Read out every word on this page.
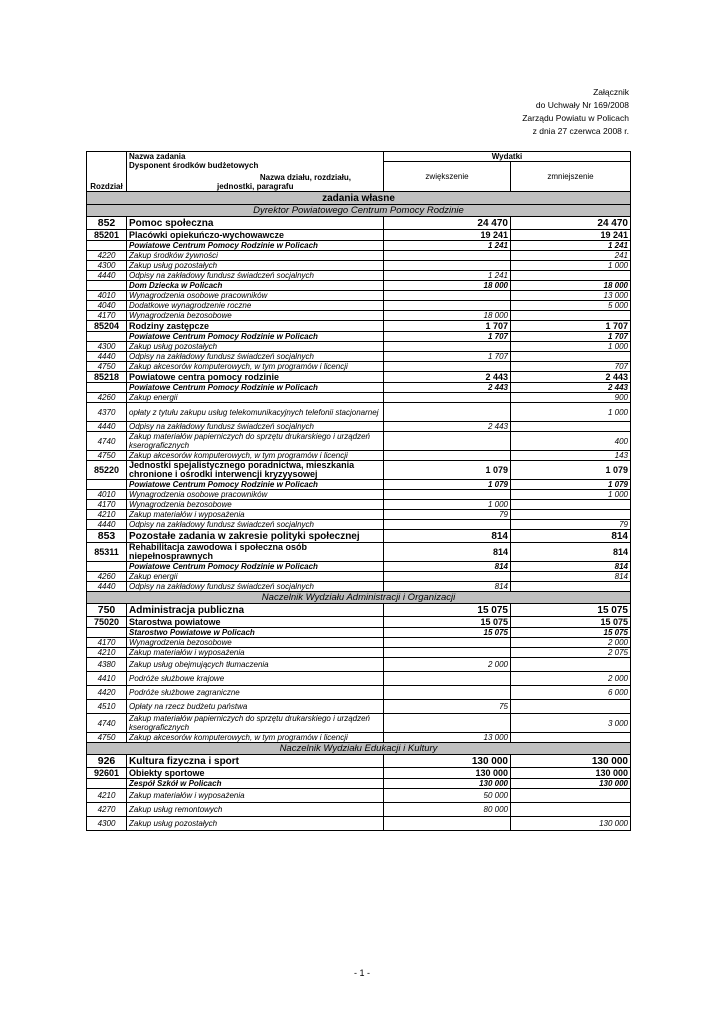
Załącznik
do Uchwały Nr 169/2008
Zarządu Powiatu w Policach
z dnia 27 czerwca 2008 r.
Rozdział	Nazwa zadania
Dysponent środków budżetowych
Nazwa działu, rozdziału,
jednostki, paragrafu	Wydatki	
		zwiększenie	zmniejszenie

zadania własne			
Dyrektor Powiatowego Centrum Pomocy Rodzinie			
852	Pomoc społeczna	24 470	24 470
85201	Placówki opiekuńczo-wychowawcze	19 241	19 241
	Powiatowe Centrum Pomocy Rodzinie w Policach	1 241	1 241
4220	Zakup środków żywności		241
4300	Zakup usług pozostałych		1 000
4440	Odpisy na zakładowy fundusz świadczeń socjalnych	1 241	
	Dom Dziecka w Policach	18 000	18 000
4010	Wynagrodzenia osobowe pracowników		13 000
4040	Dodatkowe wynagrodzenie roczne		5 000
4170	Wynagrodzenia bezosobowe	18 000	
85204	Rodziny zastępcze	1 707	1 707
	Powiatowe Centrum Pomocy Rodzinie w Policach	1 707	1 707
4300	Zakup usług pozostałych		1 000
4440	Odpisy na zakładowy fundusz świadczeń socjalnych	1 707	
4750	Zakup akcesorów komputerowych, w tym programów i licencji		707
85218	Powiatowe centra pomocy rodzinie	2 443	2 443
	Powiatowe Centrum Pomocy Rodzinie w Policach	2 443	2 443
4260	Zakup energii		900
4370	opłaty z tytułu zakupu usług telekomunikacyjnych telefonii stacjonarnej		1 000
4440	Odpisy na zakładowy fundusz świadczeń socjalnych	2 443	
4740	Zakup materiałów papierniczych do sprzętu drukarskiego i urządzeń kserograficznych		400
4750	Zakup akcesorów komputerowych, w tym programów i licencji		143
85220	Jednostki spejalistycznego poradnictwa, mieszkania chronione i ośrodki interwencji kryzyysowej	1 079	1 079
	Powiatowe Centrum Pomocy Rodzinie w Policach	1 079	1 079
4010	Wynagrodzenia osobowe pracowników		1 000
4170	Wynagrodzenia bezosobowe	1 000	
4210	Zakup materiałów i wyposażenia	79	
4440	Odpisy na zakładowy fundusz świadczeń socjalnych		79
853	Pozostałe zadania w zakresie polityki społecznej	814	814
85311	Rehabilitacja zawodowa i społeczna osób niepełnosprawnych	814	814
	Powiatowe Centrum Pomocy Rodzinie w Policach	814	814
4260	Zakup energii		814
4440	Odpisy na zakładowy fundusz świadczeń socjalnych	814	
Naczelnik Wydziału Administracji i Organizacji			
750	Administracja publiczna	15 075	15 075
75020	Starostwa powiatowe	15 075	15 075
	Starostwo Powiatowe w Policach	15 075	15 075
4170	Wynagrodzenia bezosobowe		2 000
4210	Zakup materiałów i wyposażenia		2 075
4380	Zakup usług obejmujących tłumaczenia	2 000	
4410	Podróże służbowe krajowe		2 000
4420	Podróże służbowe zagraniczne		6 000
4510	Opłaty na rzecz budżetu państwa	75	
4740	Zakup materiałów papierniczych do sprzętu drukarskiego i urządzeń kserograficznych		3 000
4750	Zakup akcesorów komputerowych, w tym programów i licencji	13 000	
Naczelnik Wydziału Edukacji i Kultury			
926	Kultura fizyczna i sport	130 000	130 000
92601	Obiekty sportowe	130 000	130 000
	Zespół Szkół w Policach	130 000	130 000
4210	Zakup materiałów i wyposażenia	50 000	
4270	Zakup usług remontowych	80 000	
4300	Zakup usług pozostałych		130 000
- 1 -
